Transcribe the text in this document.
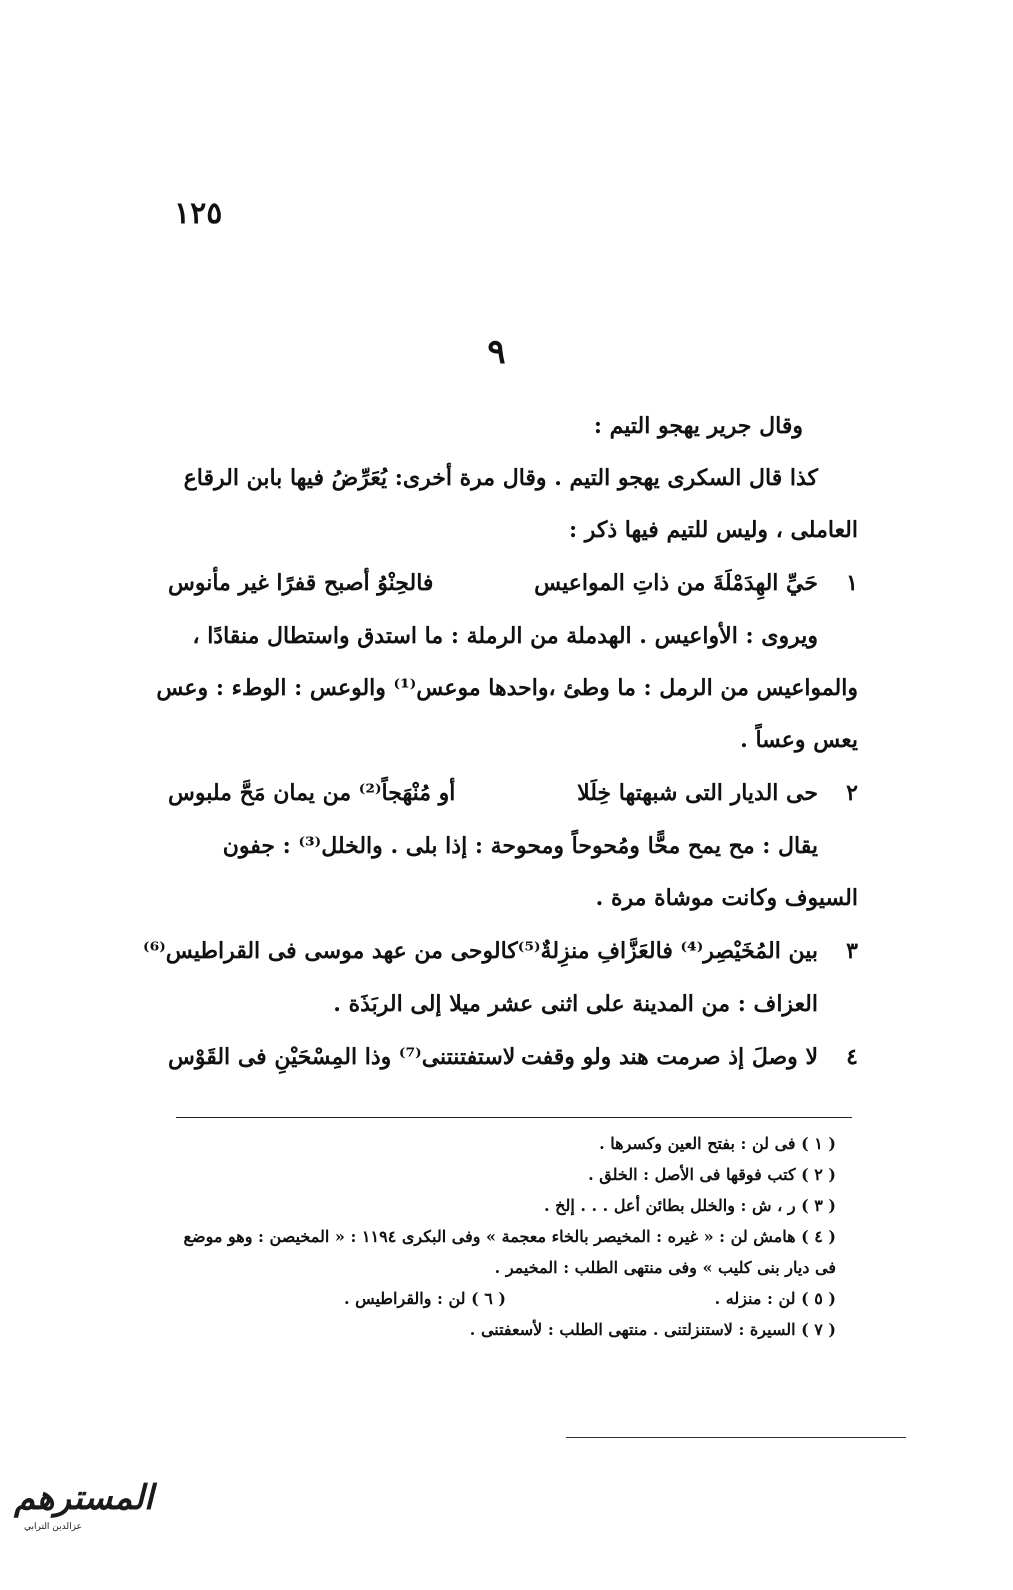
١٢٥
٩
وقال جرير يهجو التيم :
كذا قال السكرى يهجو التيم . وقال مرة أخرى: يُعَرِّضُ فيها بابن الرقاع
العاملى ، وليس للتيم فيها ذكر :
١
حَيِّ الهِدَمْلَةَ من ذاتِ المواعيس
فالحِنْوُ أصبح قفرًا غير مأنوس
ويروى : الأواعيس . الهدملة من الرملة : ما استدق واستطال منقادًا ،
والمواعيس من الرمل : ما وطئ ،واحدها موعس⁽¹⁾ والوعس : الوطء : وعس
يعس وعساً .
٢
حى الديار التى شبهتها خِلَلا
أو مُنْهَجاً⁽²⁾ من يمان مَحَّ ملبوس
يقال : مح يمح محًّا ومُحوحاً ومحوحة : إذا بلى . والخلل⁽³⁾ : جفون
السيوف وكانت موشاة مرة .
٣
بين المُخَيْصِر⁽⁴⁾ فالعَزَّافِ منزِلةٌ⁽⁵⁾
كالوحى من عهد موسى فى القراطيس⁽⁶⁾
العزاف : من المدينة على اثنى عشر ميلا إلى الربَذَة .
٤
لا وصلَ إذ صرمت هند ولو وقفت
لاستفتنتنى⁽⁷⁾ وذا المِسْحَيْنِ فى القَوْس
( ١ ) فى لن : بفتح العين وكسرها .
( ٢ ) كتب فوقها فى الأصل : الخلق .
( ٣ ) ر ، ش : والخلل بطائن أعل . . . إلخ .
( ٤ ) هامش لن : « غيره : المخيصر بالخاء معجمة » وفى البكرى ١١٩٤ : « المخيصن : وهو موضع
فى ديار بنى كليب » وفى منتهى الطلب : المخيمر .
( ٥ ) لن : منزله .
( ٦ ) لن : والقراطيس .
( ٧ ) السيرة : لاستنزلتنى . منتهى الطلب : لأسعفتنى .
المسترهم
عزالدين الترابي
